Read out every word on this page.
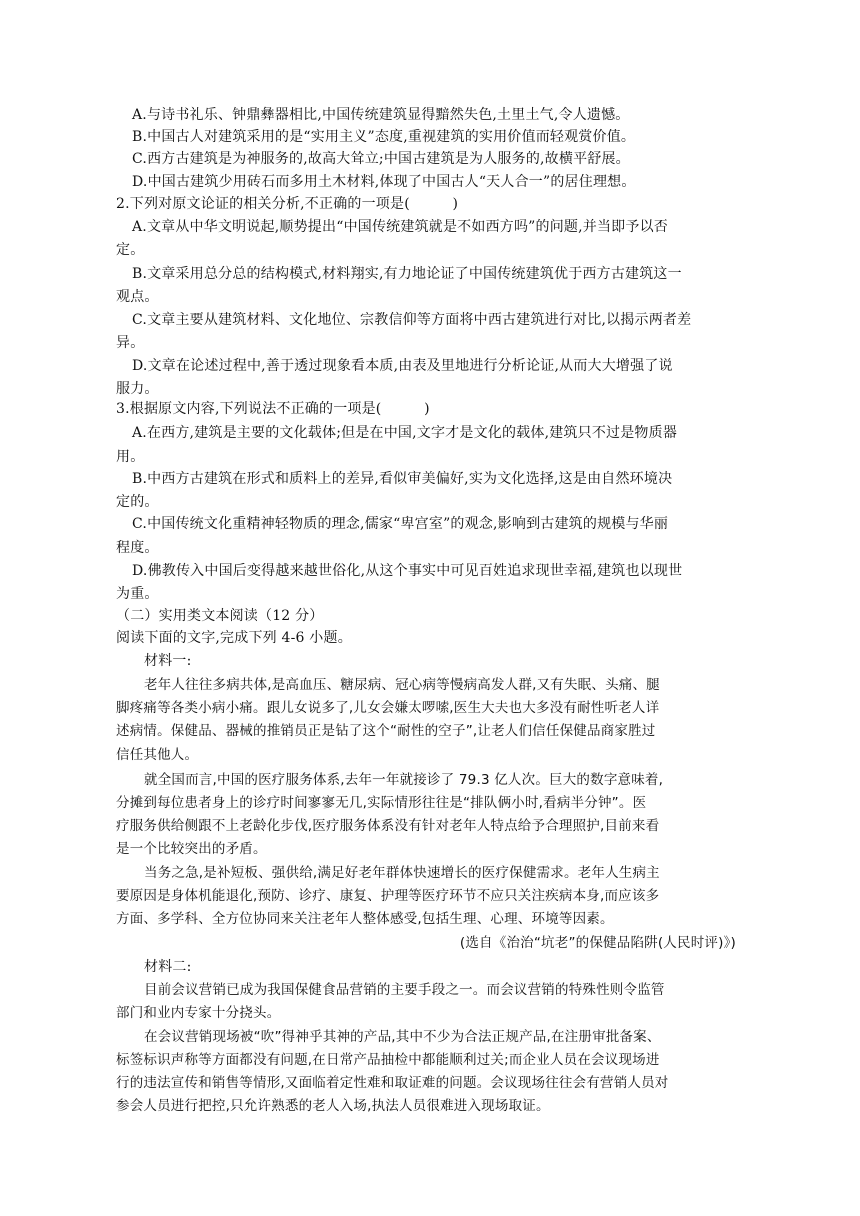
A.与诗书礼乐、钟鼎彝器相比,中国传统建筑显得黯然失色,土里土气,令人遗憾。
B.中国古人对建筑采用的是“实用主义”态度,重视建筑的实用价值而轻观赏价值。
C.西方古建筑是为神服务的,故高大耸立;中国古建筑是为人服务的,故横平舒展。
D.中国古建筑少用砖石而多用土木材料,体现了中国古人“天人合一”的居住理想。
2.下列对原文论证的相关分析,不正确的一项是(　　　)
A.文章从中华文明说起,顺势提出“中国传统建筑就是不如西方吗”的问题,并当即予以否
定。
B.文章采用总分总的结构模式,材料翔实,有力地论证了中国传统建筑优于西方古建筑这一
观点。
C.文章主要从建筑材料、文化地位、宗教信仰等方面将中西古建筑进行对比,以揭示两者差
异。
D.文章在论述过程中,善于透过现象看本质,由表及里地进行分析论证,从而大大增强了说
服力。
3.根据原文内容,下列说法不正确的一项是(　　　)
A.在西方,建筑是主要的文化载体;但是在中国,文字才是文化的载体,建筑只不过是物质器
用。
B.中西方古建筑在形式和质料上的差异,看似审美偏好,实为文化选择,这是由自然环境决
定的。
C.中国传统文化重精神轻物质的理念,儒家“卑宫室”的观念,影响到古建筑的规模与华丽
程度。
D.佛教传入中国后变得越来越世俗化,从这个事实中可见百姓追求现世幸福,建筑也以现世
为重。
（二）实用类文本阅读（12 分）
阅读下面的文字,完成下列 4-6 小题。
材料一:
老年人往往多病共体,是高血压、糖尿病、冠心病等慢病高发人群,又有失眠、头痛、腿
脚疼痛等各类小病小痛。跟儿女说多了,儿女会嫌太啰嗦,医生大夫也大多没有耐性听老人详
述病情。保健品、器械的推销员正是钻了这个“耐性的空子”,让老人们信任保健品商家胜过
信任其他人。
就全国而言,中国的医疗服务体系,去年一年就接诊了 79.3 亿人次。巨大的数字意味着,
分摊到每位患者身上的诊疗时间寥寥无几,实际情形往往是“排队俩小时,看病半分钟”。医
疗服务供给侧跟不上老龄化步伐,医疗服务体系没有针对老年人特点给予合理照护,目前来看
是一个比较突出的矛盾。
当务之急,是补短板、强供给,满足好老年群体快速增长的医疗保健需求。老年人生病主
要原因是身体机能退化,预防、诊疗、康复、护理等医疗环节不应只关注疾病本身,而应该多
方面、多学科、全方位协同来关注老年人整体感受,包括生理、心理、环境等因素。
(选自《治治“坑老”的保健品陷阱(人民时评)》)
材料二:
目前会议营销已成为我国保健食品营销的主要手段之一。而会议营销的特殊性则令监管
部门和业内专家十分挠头。
在会议营销现场被“吹”得神乎其神的产品,其中不少为合法正规产品,在注册审批备案、
标签标识声称等方面都没有问题,在日常产品抽检中都能顺利过关;而企业人员在会议现场进
行的违法宣传和销售等情形,又面临着定性难和取证难的问题。会议现场往往会有营销人员对
参会人员进行把控,只允许熟悉的老人入场,执法人员很难进入现场取证。
